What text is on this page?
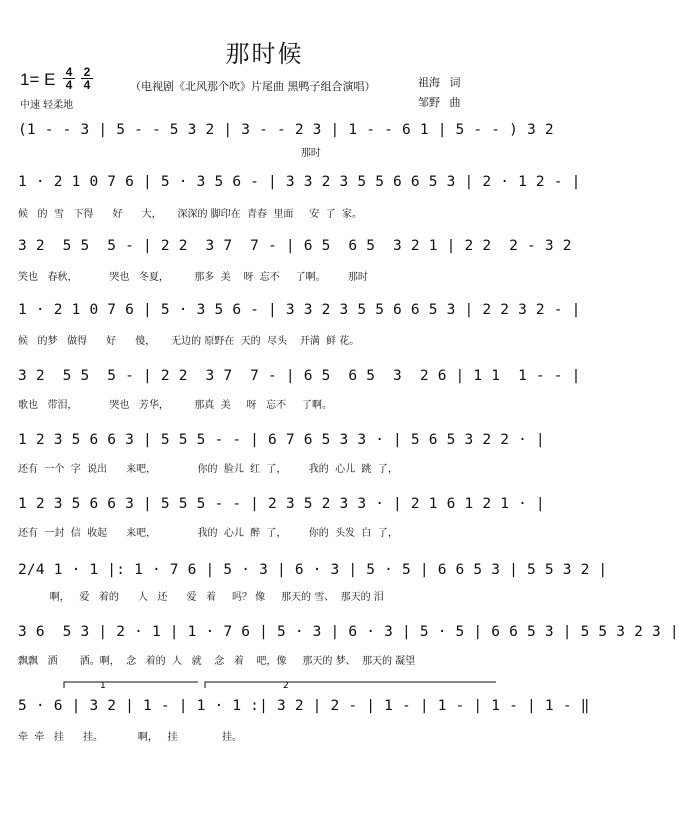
那时候
1= E 4
4
2
4
中速 轻柔地
（电视剧《北风那个吹》片尾曲 黑鸭子组合演唱）	祖海 词
邹野 曲
(1 - - 3 | 5 - - 5 3 2 | 3 - - 2 3 | 1 - - 6 1 | 5 - - ) 3 2
那时
1 · 2 1 0 7 6 | 5 · 3 5 6 - | 3 3 2 3 5 5 6 6 5 3 | 2 · 1 2 - |
候   的  雪   下得      好      大，     深深的 脚印在  青春  里面     安  了  家。
3 2  5 5  5 - | 2 2  3 7  7 - | 6 5  6 5  3 2 1 | 2 2  2 - 3 2
笑也   春秋，          哭也   冬夏，        那多  美    呀  忘不     了啊。       那时
1 · 2 1 0 7 6 | 5 · 3 5 6 - | 3 3 2 3 5 5 6 6 5 3 | 2 2 3 2 - |
候   的梦   做得      好      傻，     无边的 原野在  天的  尽头    开满  鲜 花。
3 2  5 5  5 - | 2 2  3 7  7 - | 6 5  6 5  3  2 6 | 1 1  1 - - |
歌也   带泪，          哭也   芳华，        那真  美     呀   忘不     了啊。
1 2 3 5 6 6 3 | 5 5 5 - - | 6 7 6 5 3 3 · | 5 6 5 3 2 2 · |
还有  一个  字  说出      来吧，             你的  脸儿  红  了，       我的  心儿  跳  了，
1 2 3 5 6 6 3 | 5 5 5 - - | 2 3 5 2 3 3 · | 2 1 6 1 2 1 · |
还有  一封  信  收起      来吧，             我的  心儿  醉  了，       你的  头发  白  了，
2/4 1 · 1 |: 1 · 7 6 | 5 · 3 | 6 · 3 | 5 · 5 | 6 6 5 3 | 5 5 3 2 |
啊，   爱   着的      人   还      爱   着     吗？ 像     那天的 雪、  那天的 泪
3 6  5 3 | 2 · 1 | 1 · 7 6 | 5 · 3 | 6 · 3 | 5 · 5 | 6 6 5 3 | 5 5 3 2 3 |
飘飘   洒       洒。啊，  念   着的  人   就    念   着    吧，像     那天的 梦、  那天的 凝望
1	2
5 · 6 | 3 2 | 1 - | 1 · 1 :| 3 2 | 2 - | 1 - | 1 - | 1 - | 1 - ‖
牵  牵   挂      挂。           啊，   挂              挂。
